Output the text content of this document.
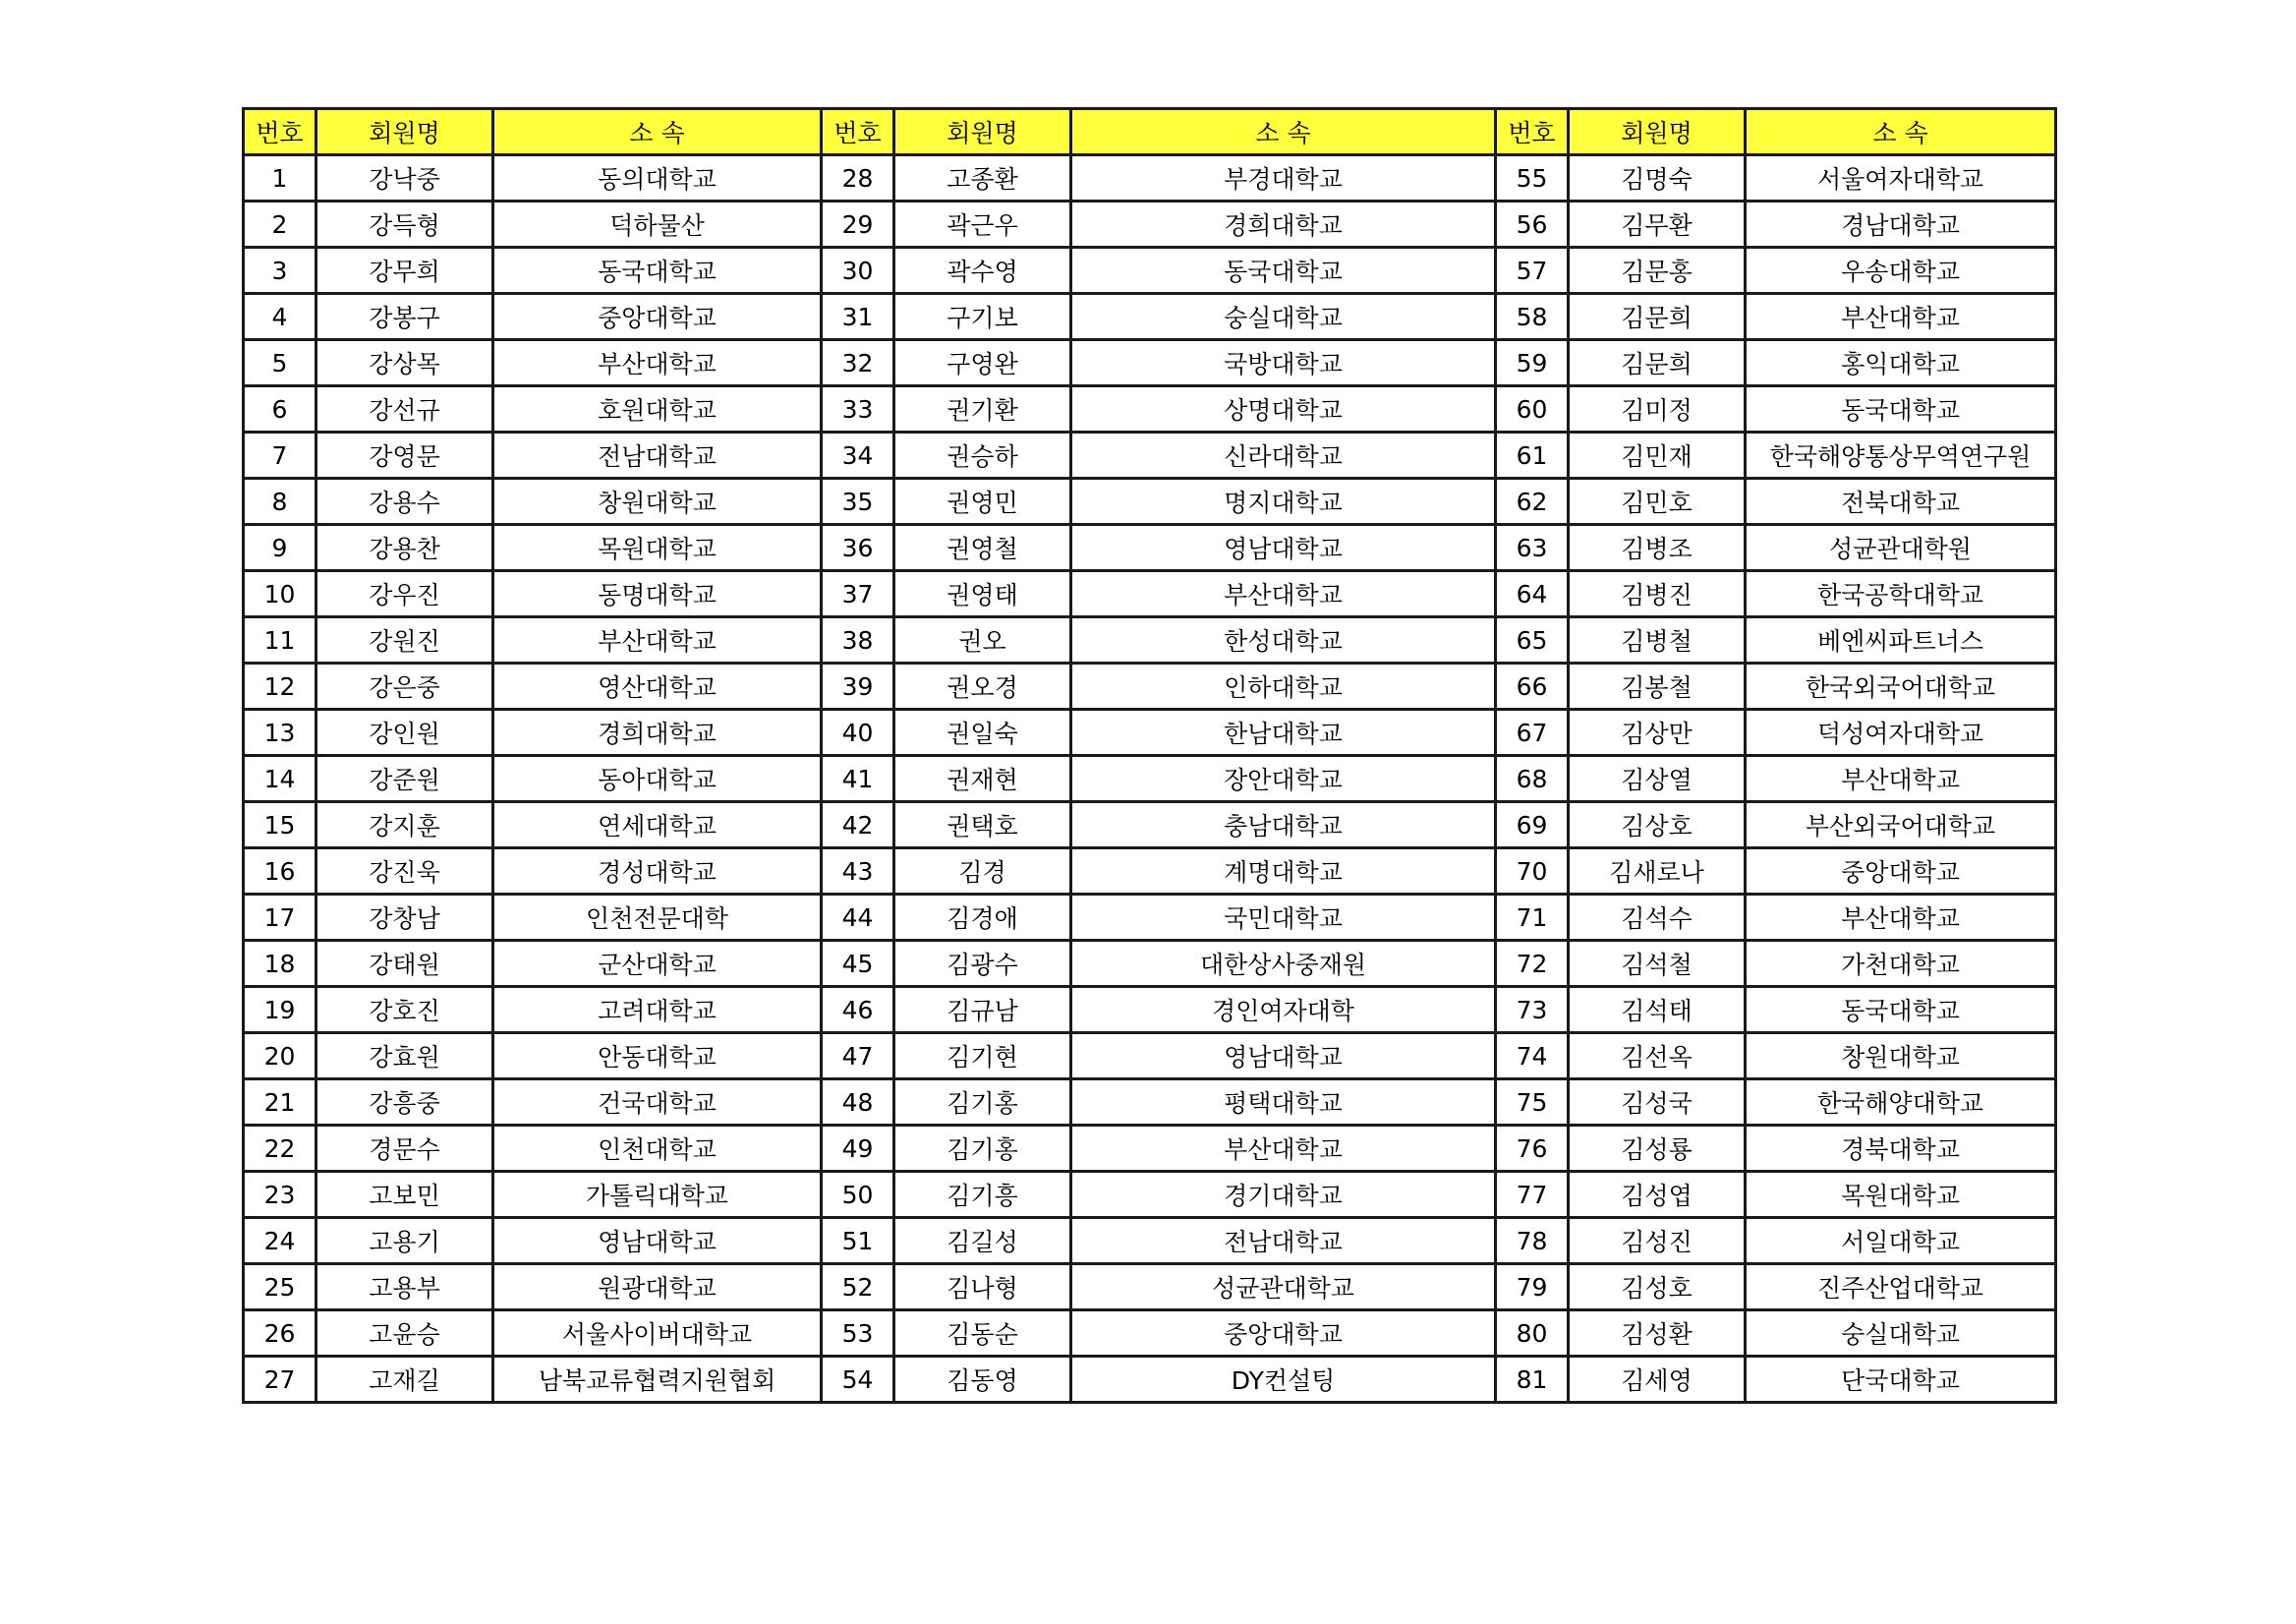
번호	회원명	소 속	번호	회원명	소 속	번호	회원명	소 속
1	강낙중	동의대학교	28	고종환	부경대학교	55	김명숙	서울여자대학교
2	강득형	덕하물산	29	곽근우	경희대학교	56	김무환	경남대학교
3	강무희	동국대학교	30	곽수영	동국대학교	57	김문홍	우송대학교
4	강봉구	중앙대학교	31	구기보	숭실대학교	58	김문희	부산대학교
5	강상목	부산대학교	32	구영완	국방대학교	59	김문희	홍익대학교
6	강선규	호원대학교	33	권기환	상명대학교	60	김미정	동국대학교
7	강영문	전남대학교	34	권승하	신라대학교	61	김민재	한국해양통상무역연구원
8	강용수	창원대학교	35	권영민	명지대학교	62	김민호	전북대학교
9	강용찬	목원대학교	36	권영철	영남대학교	63	김병조	성균관대학원
10	강우진	동명대학교	37	권영태	부산대학교	64	김병진	한국공학대학교
11	강원진	부산대학교	38	권오	한성대학교	65	김병철	베엔씨파트너스
12	강은중	영산대학교	39	권오경	인하대학교	66	김봉철	한국외국어대학교
13	강인원	경희대학교	40	권일숙	한남대학교	67	김상만	덕성여자대학교
14	강준원	동아대학교	41	권재현	장안대학교	68	김상열	부산대학교
15	강지훈	연세대학교	42	권택호	충남대학교	69	김상호	부산외국어대학교
16	강진욱	경성대학교	43	김경	계명대학교	70	김새로나	중앙대학교
17	강창남	인천전문대학	44	김경애	국민대학교	71	김석수	부산대학교
18	강태원	군산대학교	45	김광수	대한상사중재원	72	김석철	가천대학교
19	강호진	고려대학교	46	김규남	경인여자대학	73	김석태	동국대학교
20	강효원	안동대학교	47	김기현	영남대학교	74	김선옥	창원대학교
21	강흥중	건국대학교	48	김기홍	평택대학교	75	김성국	한국해양대학교
22	경문수	인천대학교	49	김기홍	부산대학교	76	김성룡	경북대학교
23	고보민	가톨릭대학교	50	김기흥	경기대학교	77	김성엽	목원대학교
24	고용기	영남대학교	51	김길성	전남대학교	78	김성진	서일대학교
25	고용부	원광대학교	52	김나형	성균관대학교	79	김성호	진주산업대학교
26	고윤승	서울사이버대학교	53	김동순	중앙대학교	80	김성환	숭실대학교
27	고재길	남북교류협력지원협회	54	김동영	DY컨설팅	81	김세영	단국대학교
